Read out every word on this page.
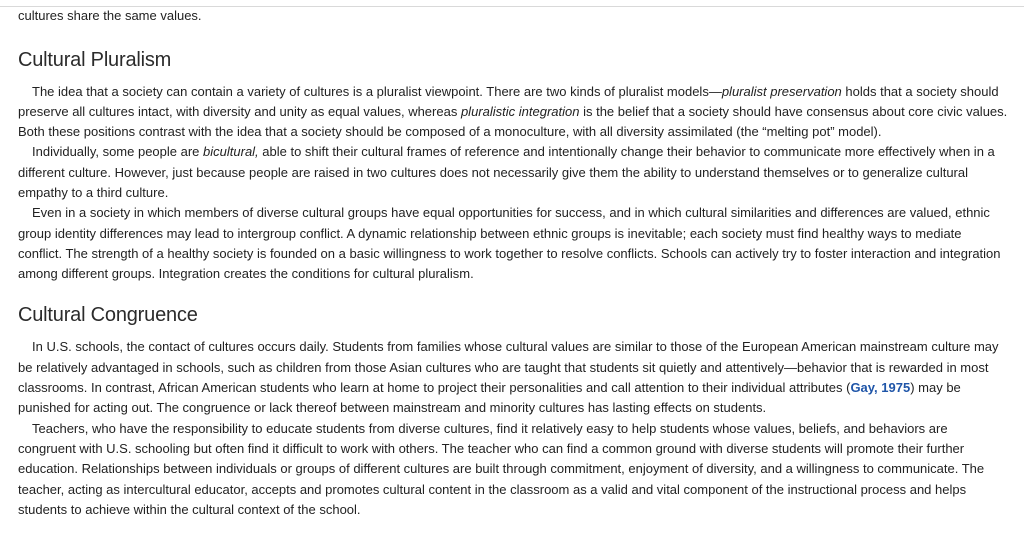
cultures share the same values.

Cultural Pluralism

The idea that a society can contain a variety of cultures is a pluralist viewpoint. There are two kinds of pluralist models—pluralist preservation holds that a society should preserve all cultures intact, with diversity and unity as equal values, whereas pluralistic integration is the belief that a society should have consensus about core civic values. Both these positions contrast with the idea that a society should be composed of a monoculture, with all diversity assimilated (the “melting pot” model).

Individually, some people are bicultural, able to shift their cultural frames of reference and intentionally change their behavior to communicate more effectively when in a different culture. However, just because people are raised in two cultures does not necessarily give them the ability to understand themselves or to generalize cultural empathy to a third culture.

Even in a society in which members of diverse cultural groups have equal opportunities for success, and in which cultural similarities and differences are valued, ethnic group identity differences may lead to intergroup conflict. A dynamic relationship between ethnic groups is inevitable; each society must find healthy ways to mediate conflict. The strength of a healthy society is founded on a basic willingness to work together to resolve conflicts. Schools can actively try to foster interaction and integration among different groups. Integration creates the conditions for cultural pluralism.

Cultural Congruence

In U.S. schools, the contact of cultures occurs daily. Students from families whose cultural values are similar to those of the European American mainstream culture may be relatively advantaged in schools, such as children from those Asian cultures who are taught that students sit quietly and attentively—behavior that is rewarded in most classrooms. In contrast, African American students who learn at home to project their personalities and call attention to their individual attributes (Gay, 1975) may be punished for acting out. The congruence or lack thereof between mainstream and minority cultures has lasting effects on students.

Teachers, who have the responsibility to educate students from diverse cultures, find it relatively easy to help students whose values, beliefs, and behaviors are congruent with U.S. schooling but often find it difficult to work with others. The teacher who can find a common ground with diverse students will promote their further education. Relationships between individuals or groups of different cultures are built through commitment, enjoyment of diversity, and a willingness to communicate. The teacher, acting as intercultural educator, accepts and promotes cultural content in the classroom as a valid and vital component of the instructional process and helps students to achieve within the cultural context of the school.
